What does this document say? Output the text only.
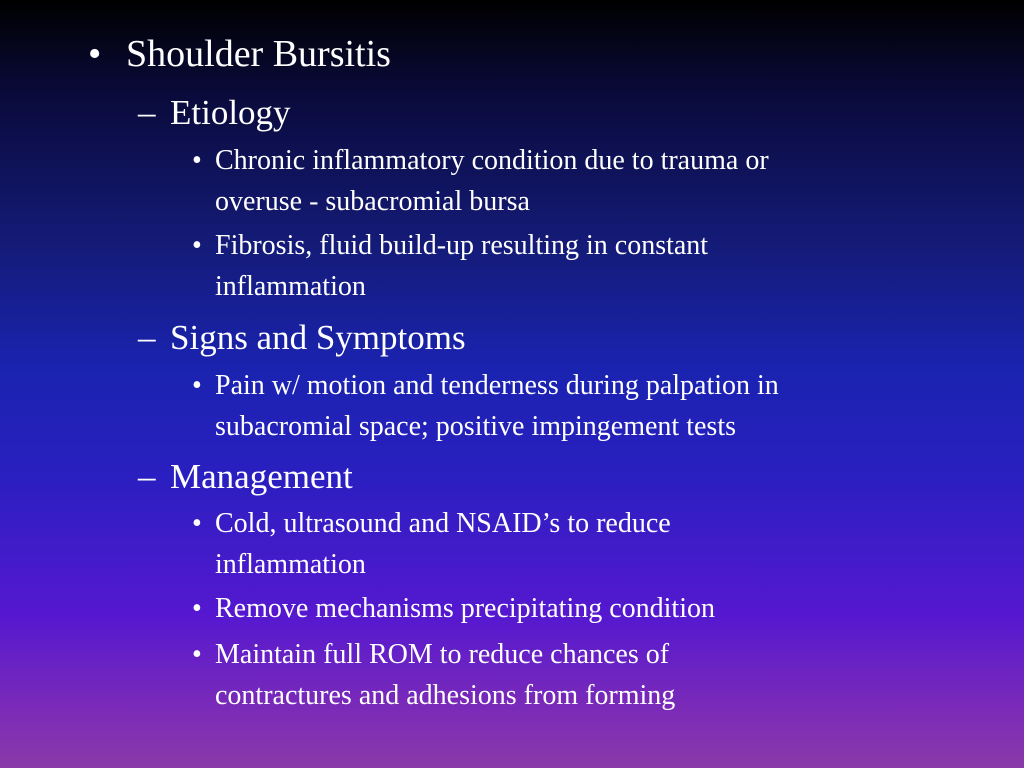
• Shoulder Bursitis
– Etiology
• Chronic inflammatory condition due to trauma or
overuse - subacromial bursa
• Fibrosis, fluid build-up resulting in constant
inflammation
– Signs and Symptoms
• Pain w/ motion and tenderness during palpation in
subacromial space; positive impingement tests
– Management
• Cold, ultrasound and NSAID’s to reduce
inflammation
• Remove mechanisms precipitating condition
• Maintain full ROM to reduce chances of
contractures and adhesions from forming
